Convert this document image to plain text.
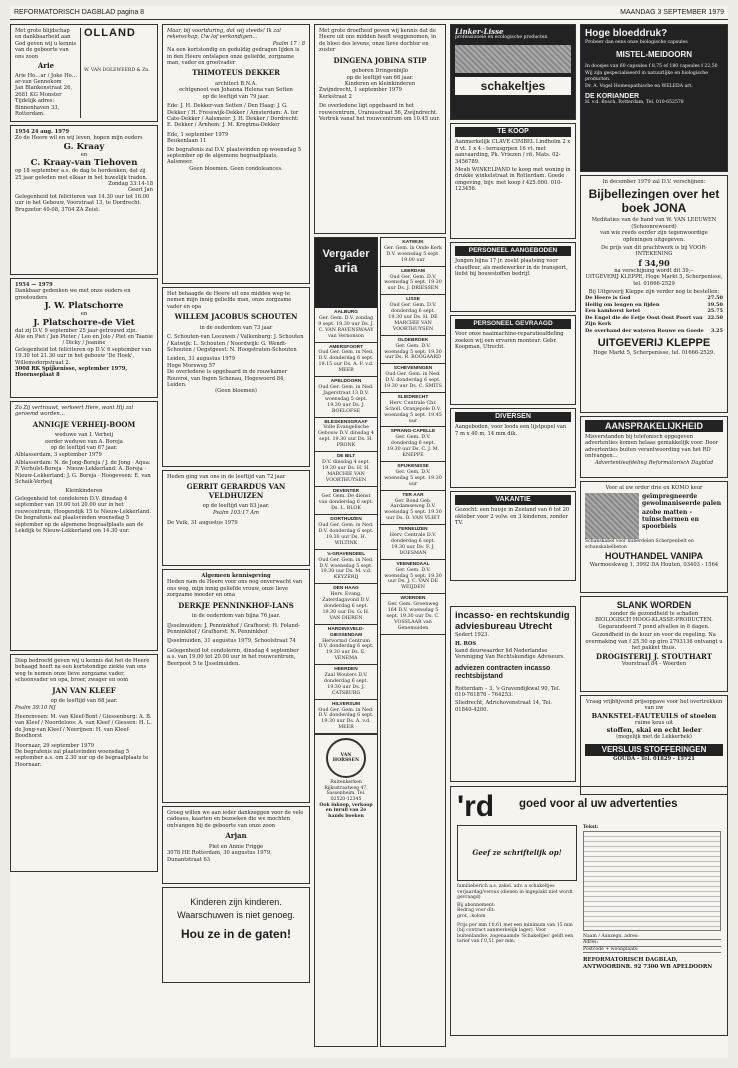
REFORMATORISCH DAGBLAD pagina 8	MAANDAG 3 SEPTEMBER 1979
Met grote blijdschap en dankbaarheid aan God geven wij u kennis van de geboorte van ons zoon
Arie
Arie Ho…ar / Joke Ho…ar-van Gennekom
Jan Blankenstraat 26, 2681 KG Monster
Tijdelijk adres: Binnenhaven 33, Rotterdam.
OLLAND
W. VAN DOLEWEERD & Zn.
1954 24 aug. 1979
Zo de Heere wil en wij leven, hopen mijn ouders
G. Kraay
en
C. Kraay-van Tiehoven
op 18 september a.s. de dag te herdenken, dat zij 25 jaar geleden met elkaar in het huwelijk traden.
Zondag 33:14-18
Geert Jan
Gelegenheid tot feliciteren van 14.30 uur tot 16.00 uur in het Gebouw, Voorstraat 13, te Dordrecht.
Brugzeter 40-08, 3704 ZA Zeist.
1954 — 1979
Dankbaar gedenken we met onze ouders en grootouders
J. W. Platschorre
en
J. Platschorre-de Viet
dat zij D.V. 9 september 25 jaar getrouwd zijn.
Alie en Piet / Jan Pieter / Leo en Jolo / Piet en Taanie / Dicky / Jeanine
Gelegenheid tot feliciteren op D.V. 6 september van 19.30 tot 21.30 uur in het gebouw 'De Hoek', Willemsdorpstraat 2.
3008 RK Spijkenisse, september 1979, Hoornseplaat 8
Zo Zij vertrouwt, verkeert Here, want Hij zal geroemd worden…
ANNIGJE VERHEIJ-BOOM
weduwe van I. Verheij
eerder weduwe van A. Boreja
op de leeftijd van 67 jaar.
Alblasserdam, 3 september 1979
Alblasserdam: N. de Jong-Boreja / J. de Jong · Aqua: P. Verhulst-Boreja · Nieuw-Lekkerland: A. Boreja · Nieuw-Lekkerland: J. G. Boreja · Hoogeveen: E. van Schaik-Verheij
Kleinkinderen
Gelegenheid tot condoleren D.V. dinsdag 4 september van 19.00 tot 20.00 uur in het rouwcentrum, Hoogendijk 15 te Nieuw-Lekkerland. De begrafenis zal plaatsvinden woensdag 5 september op de algemene begraafplaats aan de Lekdijk te Nieuw-Lekkerland om 14.30 uur.
Diep bedroefd geven wij u kennis dat het de Heere behaagd heeft na een kortstondige ziekte van ons weg te nemen onze lieve zorgzame vader, schoonvader en opa, broer, zwager en oom
JAN VAN KLEEF
op de leeftijd van 68 jaar.
Psalm 39:10 NJ
Heerenveen: M. van Kleef-Bont / Giessenburg: A. B. van Kleef / Noordeloos: A. van Kleef / Giessen: H. L. de Jong-van Kleef / Neerijnen: H. van Kleef-Boodhorst
Hoornaar, 29 september 1979
De begrafenis zal plaatsvinden woensdag 5 september a.s. om 2.30 uur op de begraafplaats te Hoornaar.
Maar, bij voortduring, dat wij steeds! Ik zal rekenschap, Uw lof verkondigen...
Psalm 17 : 8
Na een kortstondig en geduldig gedragen lijden is in den Heere ontslapen onze geliefde, zorgzame man, vader en grootvader
THIMOTEUS DEKKER
architect B.N.A.
echtgenoot van Johanna Helena van Setten
op de leeftijd van 79 jaar.
Ede: J. H. Dekker-van Setten / Den Haag: J. G. Dekker / H. Fresswijk-Dekker / Amsterdam: A. ter Cate-Dekker / Aalsmeer: J. H. Dekker / Dordrecht: E. Dekker / Arnhem: J. M. Kregtma-Dekker
Ede, 1 september 1979
Beukenlaan 11
De begrafenis zal D.V. plaatsvinden op woensdag 5 september op de algemene begraafplaats, Aalsmeer.
Geen bloemen. Geen condoleances.
Het behaagde de Heere uit ons midden weg te nemen mijn innig geliefde man, onze zorgzame vader en opa
WILLEM JACOBUS SCHOUTEN
in de ouderdom van 73 jaar
C. Schouten-van Leeuwen / Valkenburg: J. Schouten / Katwijk: L. Schouten / Noordwijk: G. Wendt-Schouten / Oegstgeest: N. Hoogstraten-Schouten
Leiden, 31 augustus 1979
Hoge Morsweg 57
De overledene is opgebaard in de rouwkamer Rouvroi, van Ingen Schenau, Hogewoerd 84, Leiden.
(Geen bloemen)
Heden ging van ons in de leeftijd van 72 jaar
GERRIT GERARDUS VAN VELDHUIZEN
op de leeftijd van 83 jaar.
Psalm 103:17 Am
De Vuik, 31 augustus 1979
Algemeen kennisgeving
Heden nam de Heere voor ons nog onverwacht van ons weg, mijn innig geliefde vrouw, onze lieve zorgzame moeder en oma
DERKJE PENNINKHOF-LANS
in de ouderdom van bijna 76 jaar.
IJsselmuiden: J. Penninkhof / Grafhorst: H. Foland-Penninkhof / Grafhorst: N. Penninkhof
IJsselmuiden, 31 augustus 1979, Schoolstraat 74
Gelegenheid tot condoleren, dinsdag 4 september a.s. van 19.00 tot 20.00 uur in het rouwcentrum, Beerpoot 5 te IJsselmuiden.
Groeg willen we aan ieder dankzeggen voor de vele cadeaus, kaarten en bezoeken die we mochten ontvangen bij de geboorte van onze zoon
Arjan
Piet en Annie Frigge
3078 HE Rotterdam, 30 augustus 1979, Dunantstraat 63
Kinderen zijn kinderen.
Waarschuwen is niet genoeg.
Hou ze in de gaten!
Met grote droefheid geven wij kennis dat de Heere uit ons midden heeft weggenomen, in de bloei des levens, onze lieve dochter en zuster
DINGENA JOBINA STIP
geboren Dringenbijlo
op de leeftijd van 66 jaar.
Kinderen en kleinkinderen
Zwijndrecht, 1 september 1979
Kerkstraat 2
De overledene ligt opgebaard in het rouwcentrum, Uranusstraat 56, Zwijndrecht. Vertrek vanaf het rouwcentrum om 10.45 uur.
Vergader
aria
AALBURG
Ger. Gem. D.V. zondag 9 sept. 19.30 uur Ds. J. C. VAN RAVENSWAAY van Vernonson
AMERSFOORT
Oud Ger. Gem. in Ned. D.V. donderdag 6 sept. 19.15 uur Ds. A. F. v.d. MEER
APELDOORN
Oud Ger. Gem. in Ned. Jagerstraat 13 D.V. woensdag 5 sept. 19.30 uur Ds. J. ROELOFSE
BLESKENSGRAAF
Volle Evangelische Gebouw D.V. dinsdag 4 sept. 19.30 uur Ds. H. PRONK
DE BILT
D.V. dinsdag 4 sept. 19.30 uur Ds. H. H. MARCHIE VAN VOORTHUYSEN
DEVENTER
Ger. Gem. De dienst van donderdag 6 sept. Ds. L. BLOK
DORTHUIZEN
Oud Ger. Gem. in Ned. D.V. donderdag 6 sept. 19.30 uur Ds. H. WILTINK
's-GRAVENDEEL
Oud Ger. Gem. in Ned. D.V. woensdag 5 sept. 19.30 uur Ds. M. v.d. KEYZERIJ
DEN HAAG
Herv. Evang. Zaterdagavond D.V. donderdag 6 sept. 19.30 uur Ds. G. H. VAN DIEREN
HARDINXVELD-GIESSENDAM
Hervormd Centrum D.V. donderdag 6 sept. 19.30 uur Ds. E. VENEMA
HEERDEN
Zaal Wouters D.V. donderdag 6 sept. 19.30 uur Ds. J. CATSBURG
HILVERSUM
Oud Ger. Gem. in Ned. D.V. donderdag 6 sept. 19.30 uur Ds. A. v.d. MEER
VAN HORSSEN
Ruitenkerken
Rijksstraatweg 47, Sassenheim. Tel. 02520-12345
Ook inkoop, verkoop en inruil van 2e hands boeken
KATWIJK
Ger. Gem. in Onde Kerk D.V. woensdag 5 sept. 19.00 uur
LEERDAM
Oud Ger. Gem. D.V. woensdag 5 sept. 19.30 uur Ds. J. DRIESSEN
LISSE
Oud Ger. Gem. D.V. donderdag 6 sept. 19.30 uur Ds. H. DE MARCHIE VAN VOORTHUYSEN
OLDEBROEK
Ger. Gem. D.V. woensdag 5 sept. 19.30 uur Ds. R. BOOGAARD
SCHEVENINGEN
Oud Ger. Gem. in Ned. D.V. donderdag 6 sept. 19.30 uur Ds. C. SMITS
SLIEDRECHT
Herv. Centrale Chr. Scholl. Oranjepole D.V. woensdag 5 sept. 19.45 uur
SPRANG-CAPELLE
Ger. Gem. D.V. donderdag 6 sept. 19.30 uur Ds. C. J. M. KNEPPE
SPIJKENISSE
Ger. Gem. D.V. woensdag 5 sept. 19.30 uur
TER AAR
Ger. Bond Geb. Aardamseweg D.V. woensdag 5 sept. 19.30 uur Ds. D. VAN VLIET
TERNEUZEN
Herv. Centrale D.V. donderdag 6 sept. 19.30 uur Ds. F. J. DOESMAN
VEENENDAAL
Ger. Gem. D.V. woensdag 5 sept. 19.30 uur Ds. J. C. VAN DE WEIJDEN
WOERDEN
Ger. Gem. Groenweg 164 D.V. woensdag 5 sept. 19.30 uur Ds. C. VOSSLAAR van Genemuiden
Linker-Lisse
professionele en ecologische producten
schakeltjes
TE KOOP
Aanmerkelijk CLAVE-CIMBEL Lindholm 2 x 8 vt. 1 x 4 - terrasgrpen 16 vt. met aanvaarding, Pk. Vriezen / rit. Mats. 02-3456789.
Meub WINKELPAND te koop met woning in drukke winkelstraat in Rotterdam. Goede omgeving, bijv. met koop f 425.000. 010-123456.
PERSONEEL AANGEBODEN
Jongen bijna 17 jr. zoekt plaatsing voor chauffeur, als medewerker in de transport, liefst bij bouwstoffen bedrijf.
PERSONEEL GEVRAAGD
Voor onze naaimachine-reparatieafdeling zoeken wij een ervaren monteur. Gebr. Koopman, Utrecht.
DIVERSEN
Aangeboden, voor loods een lijstpopel van 7 m x 40 m, 14 mm dik.
VAKANTIE
Gezocht: een huisje in Zeeland van 6 tot 20 oktober voor 2 volw. en 3 kinderen, zonder TV.
Hoge bloeddruk?
Probeer dan eens onze biologische capsules
MISTEL-MEIDOORN
In doosjes van 60 capsules f 8,75 of 180 capsules f 22,50
Wij zijn gespecialiseerd in natuurlijke en biologische producten.
Dr. A. Vogel Homeopathische en WELEDA art.
DE KORIANDER
H. v.d. Bosch, Rotterdam, Tel. 010-652578
In december 1979 zal D.V. verschijnen:
Bijbellezingen over het boek JONA
Meditaties van de hand van W. VAN LEEUWEN (Schoonrewoerd)
van wie reeds eerder zijn tegenwoordige opfeningen uitgegeven.
De prijs van dit prachtwerk is bij VOOR-INTEKENING
f 34,90
na verschijning wordt dit 39,--
UITGEVERIJ KLEPPE, Hoge Markt 5, Scherpenisse, tel. 01666-2529
Bij Uitgeverij Kleppe zijn verder nog te bestellen:
De Heere is God	27.50
Heilig om leugen en lijden	19.50
Een kamhorst ketel	25.75
De Engel die de Eetje Oost Oost Poort van Zijn Kerk
22.50
De overhand der wateren Rouwe en Goede 3.25
UITGEVERIJ KLEPPE
Hoge Markt 5, Scherpenisse, tel. 01666-2529.
AANSPRAKELIJKHEID
Misverstanden bij telefonisch opgegeven advertenties komen helaas gemakkelijk voor. Door advertenties buiten verantwoording van het RD ontvangen...
Advertentieafdeling Reformatorisch Dagblad
Voor al uw order drie en KOMO keur
geïmpregneerde gewolmaniseerde palen
azobe matten - tuinschermen en spoorbiels
Schanskabel voor kuberdelen Scherpenbelt en schanskabelbeton
HOUTHANDEL VANIPA
Warmoeskweg 1, 3992 DA Houten, 03403 - 1564
SLANK WORDEN
zonder de gezondheid te schaden
BIOLOGISCH HOOG-KLASSE-PRODUCTEN. Gegarandeerd 7 pond afvallen in 8 dagen.
Gezondheid in de kuur en voor de regeling. Na overmaking van f 25,50 op giro 2793136 ontvangt u het pakket thuis.
DROGISTERIJ J. STOUTHART
Voorstraat 84 - Woerden
Vraag vrijblijvend prijsopgave voor het overtrekken van uw
BANKSTEL-FAUTEUILS of stoelen
ruime keus uit
stoffen, skai en echt leder
(mogelijk met de Lekkerbek)
VERSLUIS STOFFERINGEN
GOUDA - Tel. 01829 - 15721
incasso- en rechtskundig adviesbureau Utrecht
Sedert 1923.
H. ROS
kand deurwaarder lid Nederlandse Vereniging Van Rechtskundige Adviseurs.
adviezen contracten incasso rechtsbijstand
Rotterdam – 3, 's Gravendijkwal 90, Tel. 010-761876 - 764253.
Sliedrecht, Adrichovenstraat 14, Tel. 01840-4200.
'rd	goed voor al uw advertenties
Geef ze schriftelijk op!
familieberich a.s. zakel. adv. a schakeltjes
verjaardag/versus (dienen in ingeplakt niet wordt gevraagd)
Bij abonnement:
Bedrag voor dit:
grot…kolom
Prijs per mm f 0,61 met een minimum van 15 mm (bij contract aanmerkelijk lager). Voor buitenlandse, zogenaamde 'Schakeltjes' geldt een tarief van f 0,51 per mm.
Tekst:
Naam / Aanzegn. adres:
Adres:
Postcode + woonplaats:
REFORMATORISCH DAGBLAD, ANTWOORDNR. 92 7300 WB APELDOORN
